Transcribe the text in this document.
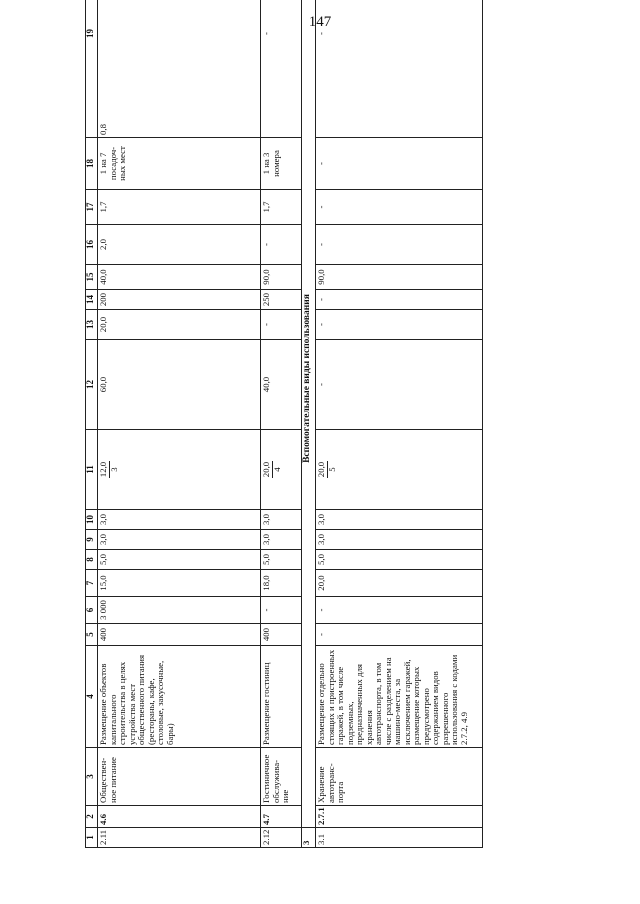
147
1	2	3	4	5	6	7	8	9	10	11	12	13	14	15	16	17	18	19
2.11	4.6	Обществен-ное питание	Размещение объектов капитального строительства в целях устройства мест общественного питания (рестораны, кафе, столовые, закусочные, бары)	400	3 000	15,0	5,0	3,0	3,0	12,0 3	60,0	20,0	200	40,0	2,0	1,7	1 на 7 посадоч-ных мест	0,8
2.12	4.7	Гостиничное обслужива-ние	Размещение гостиниц	400	-	18,0	5,0	3,0	3,0	20,0 4	40,0	-	250	90,0	-	1,7	1 на 3 номера	-
3	Вспомогательные виды использования																	
3.1	2.7.1	Хранение автотранс-порта	Размещение отдельно стоящих и пристроенных гаражей, в том числе подземных, предназначенных для хранения автотранспорта, в том числе с разделением на машино-места, за исключением гаражей, размещение которых предусмотрено содержанием видов разрешенного использования с кодами 2.7.2, 4.9	-	-	20,0	5,0	3,0	3,0	20,0 5	-	-	-	90,0	-	-	-	-
